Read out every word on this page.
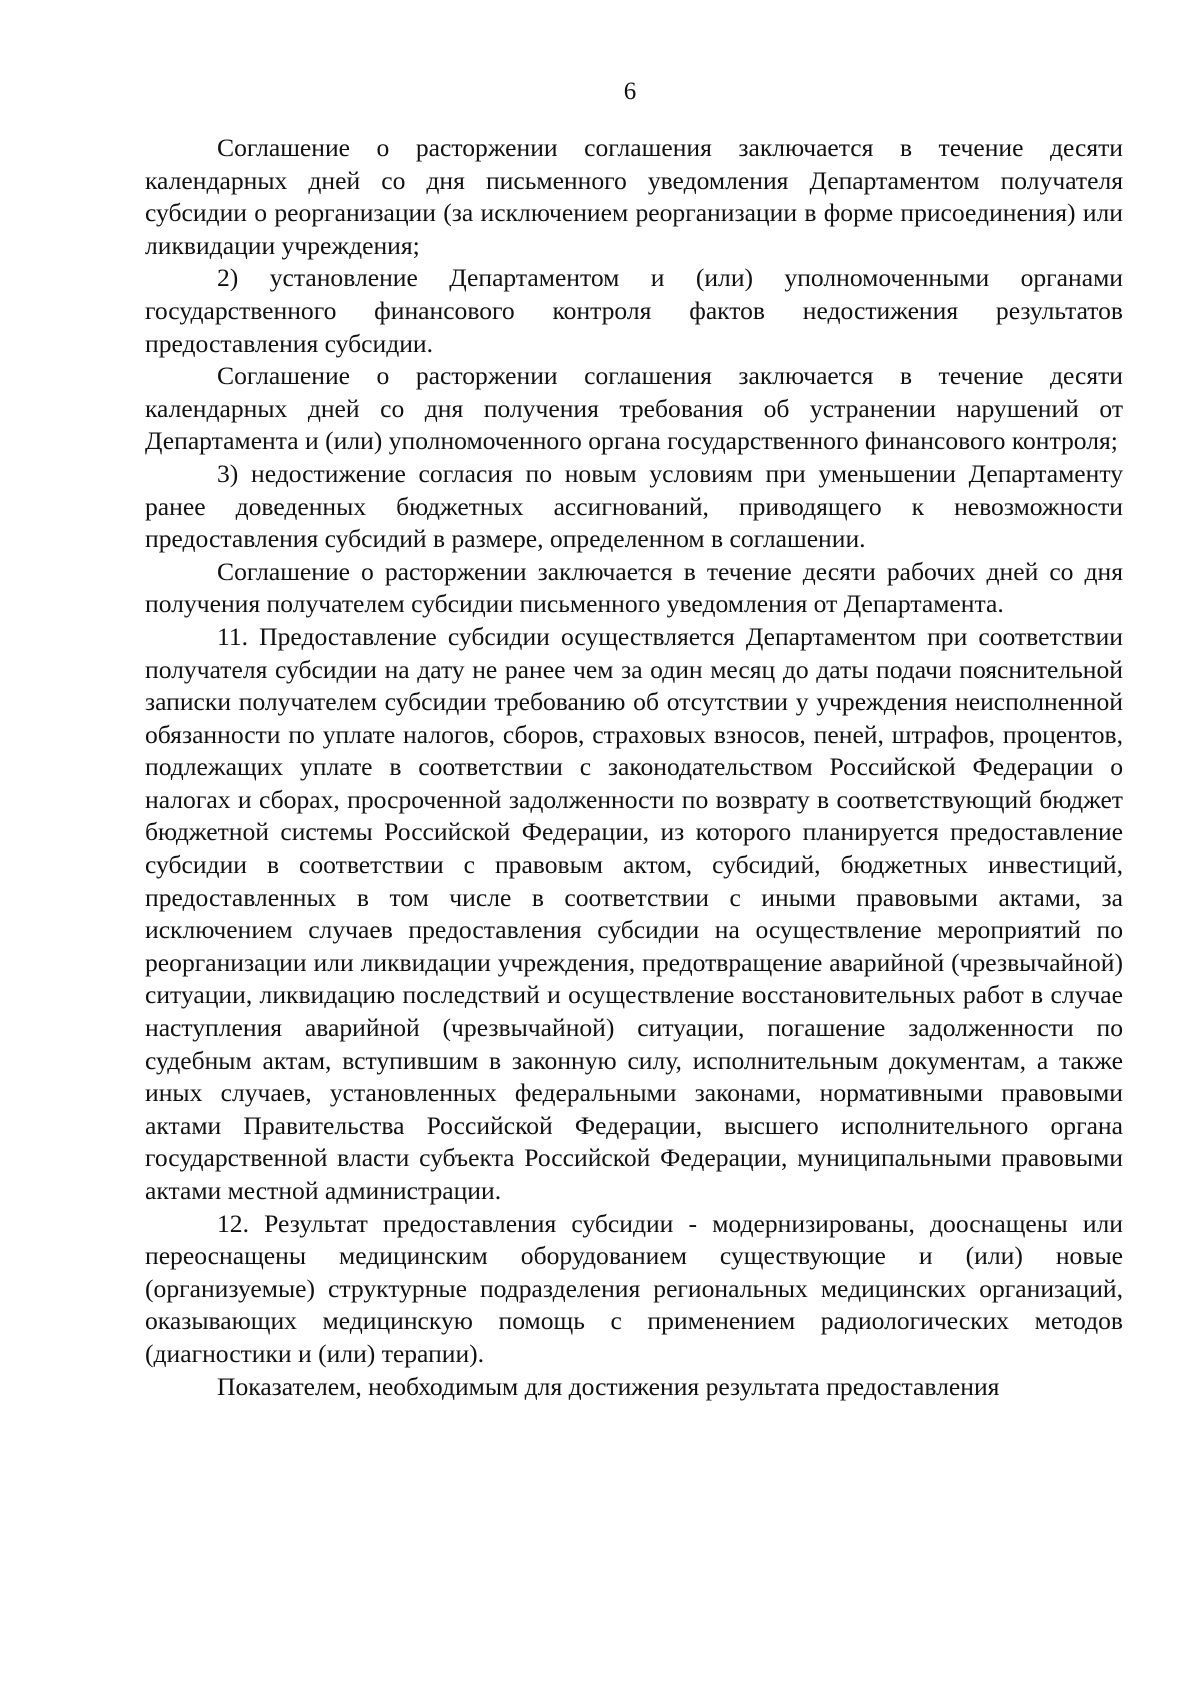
6

Соглашение о расторжении соглашения заключается в течение десяти календарных дней со дня письменного уведомления Департаментом получателя субсидии о реорганизации (за исключением реорганизации в форме присоединения) или ликвидации учреждения;

2) установление Департаментом и (или) уполномоченными органами государственного финансового контроля фактов недостижения результатов предоставления субсидии.

Соглашение о расторжении соглашения заключается в течение десяти календарных дней со дня получения требования об устранении нарушений от Департамента и (или) уполномоченного органа государственного финансового контроля;

3) недостижение согласия по новым условиям при уменьшении Департаменту ранее доведенных бюджетных ассигнований, приводящего к невозможности предоставления субсидий в размере, определенном в соглашении.

Соглашение о расторжении заключается в течение десяти рабочих дней со дня получения получателем субсидии письменного уведомления от Департамента.

11. Предоставление субсидии осуществляется Департаментом при соответствии получателя субсидии на дату не ранее чем за один месяц до даты подачи пояснительной записки получателем субсидии требованию об отсутствии у учреждения неисполненной обязанности по уплате налогов, сборов, страховых взносов, пеней, штрафов, процентов, подлежащих уплате в соответствии с законодательством Российской Федерации о налогах и сборах, просроченной задолженности по возврату в соответствующий бюджет бюджетной системы Российской Федерации, из которого планируется предоставление субсидии в соответствии с правовым актом, субсидий, бюджетных инвестиций, предоставленных в том числе в соответствии с иными правовыми актами, за исключением случаев предоставления субсидии на осуществление мероприятий по реорганизации или ликвидации учреждения, предотвращение аварийной (чрезвычайной) ситуации, ликвидацию последствий и осуществление восстановительных работ в случае наступления аварийной (чрезвычайной) ситуации, погашение задолженности по судебным актам, вступившим в законную силу, исполнительным документам, а также иных случаев, установленных федеральными законами, нормативными правовыми актами Правительства Российской Федерации, высшего исполнительного органа государственной власти субъекта Российской Федерации, муниципальными правовыми актами местной администрации.

12. Результат предоставления субсидии - модернизированы, дооснащены или переоснащены медицинским оборудованием существующие и (или) новые (организуемые) структурные подразделения региональных медицинских организаций, оказывающих медицинскую помощь с применением радиологических методов (диагностики и (или) терапии).

Показателем, необходимым для достижения результата предоставления
